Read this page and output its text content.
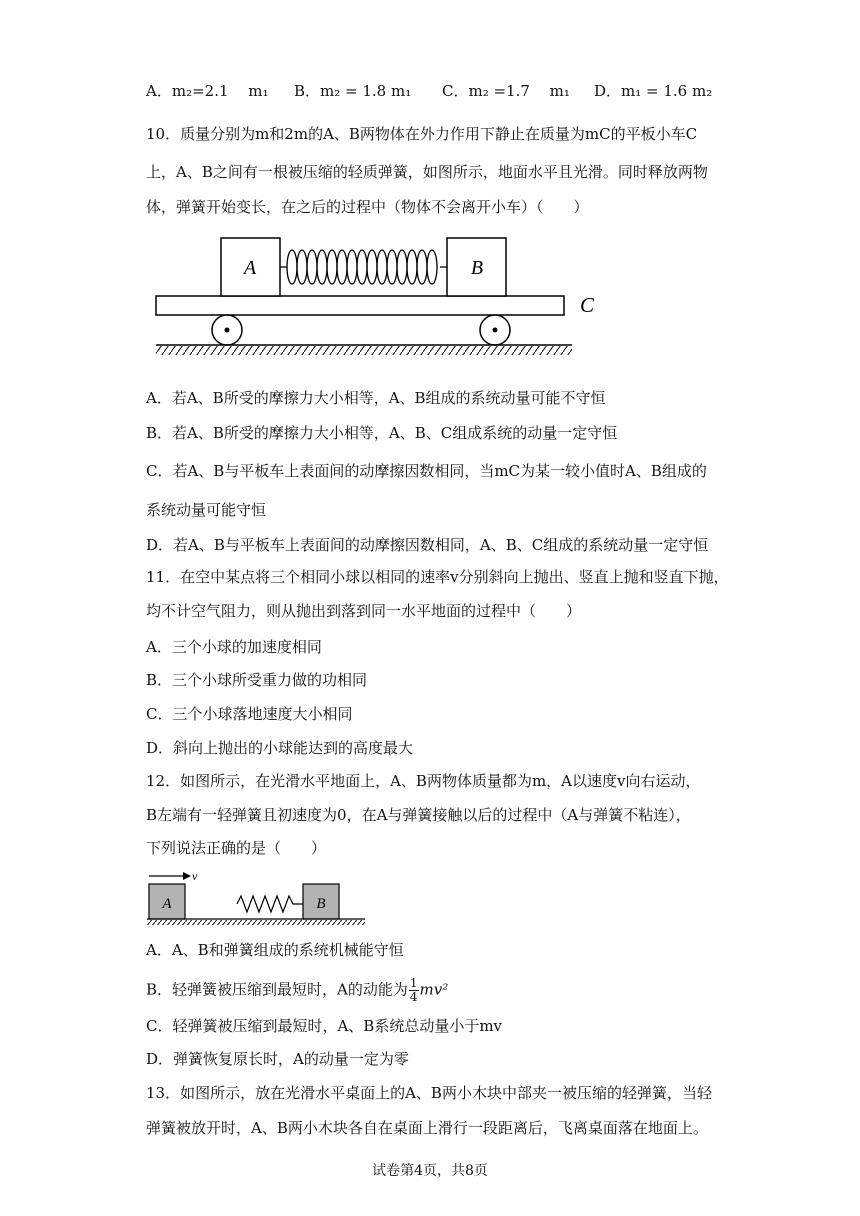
A．m₂=2.1　 m₁ B．m₂ = 1.8 m₁ C．m₂ =1.7　 m₁ D．m₁ = 1.6 m₂
10．质量分别为m和2m的A、B两物体在外力作用下静止在质量为mC的平板小车C
上，A、B之间有一根被压缩的轻质弹簧，如图所示，地面水平且光滑。同时释放两物
体，弹簧开始变长，在之后的过程中（物体不会离开小车）（　　）
A	B
C
A．若A、B所受的摩擦力大小相等，A、B组成的系统动量可能不守恒
B．若A、B所受的摩擦力大小相等，A、B、C组成系统的动量一定守恒
C．若A、B与平板车上表面间的动摩擦因数相同，当mC为某一较小值时A、B组成的
系统动量可能守恒
D．若A、B与平板车上表面间的动摩擦因数相同，A、B、C组成的系统动量一定守恒
11．在空中某点将三个相同小球以相同的速率v分别斜向上抛出、竖直上抛和竖直下抛，
均不计空气阻力，则从抛出到落到同一水平地面的过程中（　　）
A．三个小球的加速度相同
B．三个小球所受重力做的功相同
C．三个小球落地速度大小相同
D．斜向上抛出的小球能达到的高度最大
12．如图所示，在光滑水平地面上，A、B两物体质量都为m，A以速度v向右运动，
B左端有一轻弹簧且初速度为0，在A与弹簧接触以后的过程中（A与弹簧不粘连），
下列说法正确的是（　　）
v
A	B
A．A、B和弹簧组成的系统机械能守恒
B．轻弹簧被压缩到最短时，A的动能为 $\frac{1}{4} mv^2$
C．轻弹簧被压缩到最短时，A、B系统总动量小于mv
D．弹簧恢复原长时，A的动量一定为零
13．如图所示，放在光滑水平桌面上的A、B两小木块中部夹一被压缩的轻弹簧，当轻
弹簧被放开时，A、B两小木块各自在桌面上滑行一段距离后，飞离桌面落在地面上。
试卷第4页，共8页
